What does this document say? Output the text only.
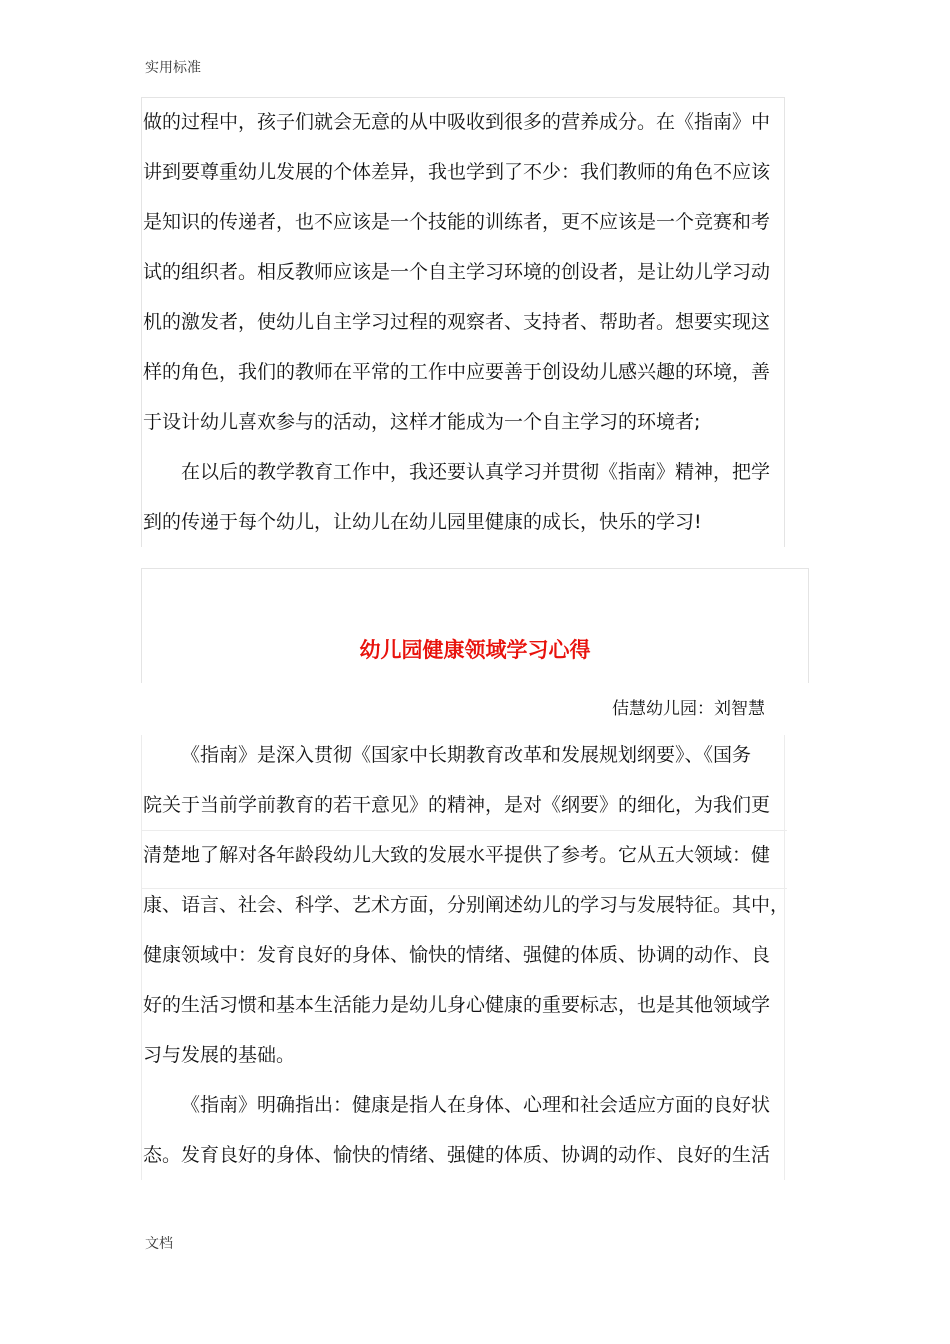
实用标准
做的过程中，孩子们就会无意的从中吸收到很多的营养成分。在《指南》中
讲到要尊重幼儿发展的个体差异，我也学到了不少：我们教师的角色不应该
是知识的传递者，也不应该是一个技能的训练者，更不应该是一个竞赛和考
试的组织者。相反教师应该是一个自主学习环境的创设者，是让幼儿学习动
机的激发者，使幼儿自主学习过程的观察者、支持者、帮助者。想要实现这
样的角色，我们的教师在平常的工作中应要善于创设幼儿感兴趣的环境，善
于设计幼儿喜欢参与的活动，这样才能成为一个自主学习的环境者;
在以后的教学教育工作中，我还要认真学习并贯彻《指南》精神，把学
到的传递于每个幼儿，让幼儿在幼儿园里健康的成长，快乐的学习!
幼儿园健康领域学习心得
佶慧幼儿园：刘智慧
《指南》是深入贯彻《国家中长期教育改革和发展规划纲要》、《国务
院关于当前学前教育的若干意见》的精神，是对《纲要》的细化，为我们更
清楚地了解对各年龄段幼儿大致的发展水平提供了参考。它从五大领域：健
康、语言、社会、科学、艺术方面，分别阐述幼儿的学习与发展特征。其中，
健康领域中：发育良好的身体、愉快的情绪、强健的体质、协调的动作、良
好的生活习惯和基本生活能力是幼儿身心健康的重要标志，也是其他领域学
习与发展的基础。
《指南》明确指出：健康是指人在身体、心理和社会适应方面的良好状
态。发育良好的身体、愉快的情绪、强健的体质、协调的动作、良好的生活
文档
